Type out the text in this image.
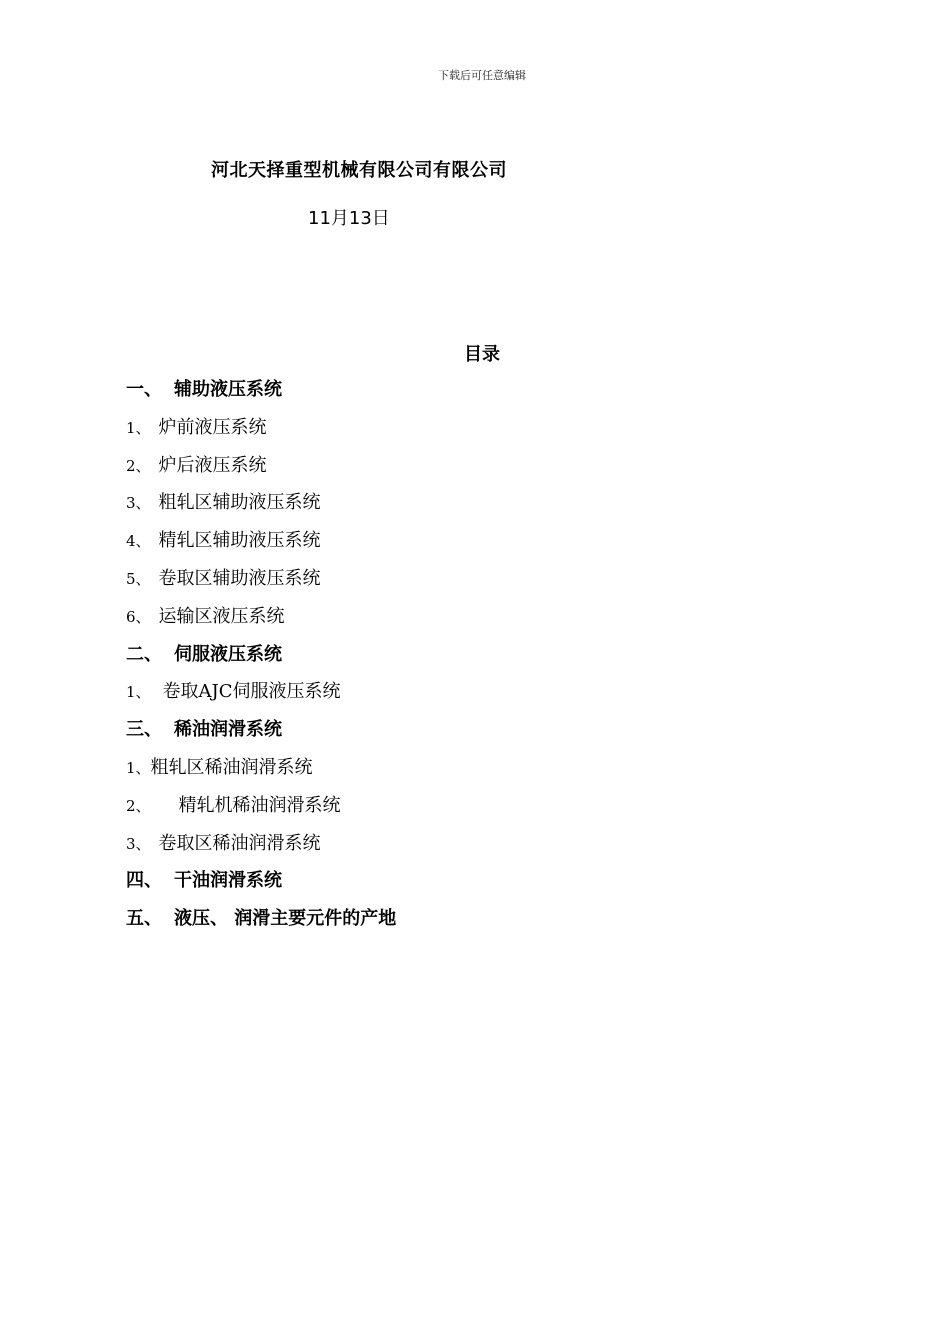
下载后可任意编辑
河北天择重型机械有限公司有限公司
11月13日
目录
一、 辅助液压系统
1、 炉前液压系统
2、 炉后液压系统
3、 粗轧区辅助液压系统
4、 精轧区辅助液压系统
5、 卷取区辅助液压系统
6、 运输区液压系统
二、 伺服液压系统
1、 卷取AJC伺服液压系统
三、 稀油润滑系统
1、粗轧区稀油润滑系统
2、 精轧机稀油润滑系统
3、 卷取区稀油润滑系统
四、 干油润滑系统
五、 液压、 润滑主要元件的产地
